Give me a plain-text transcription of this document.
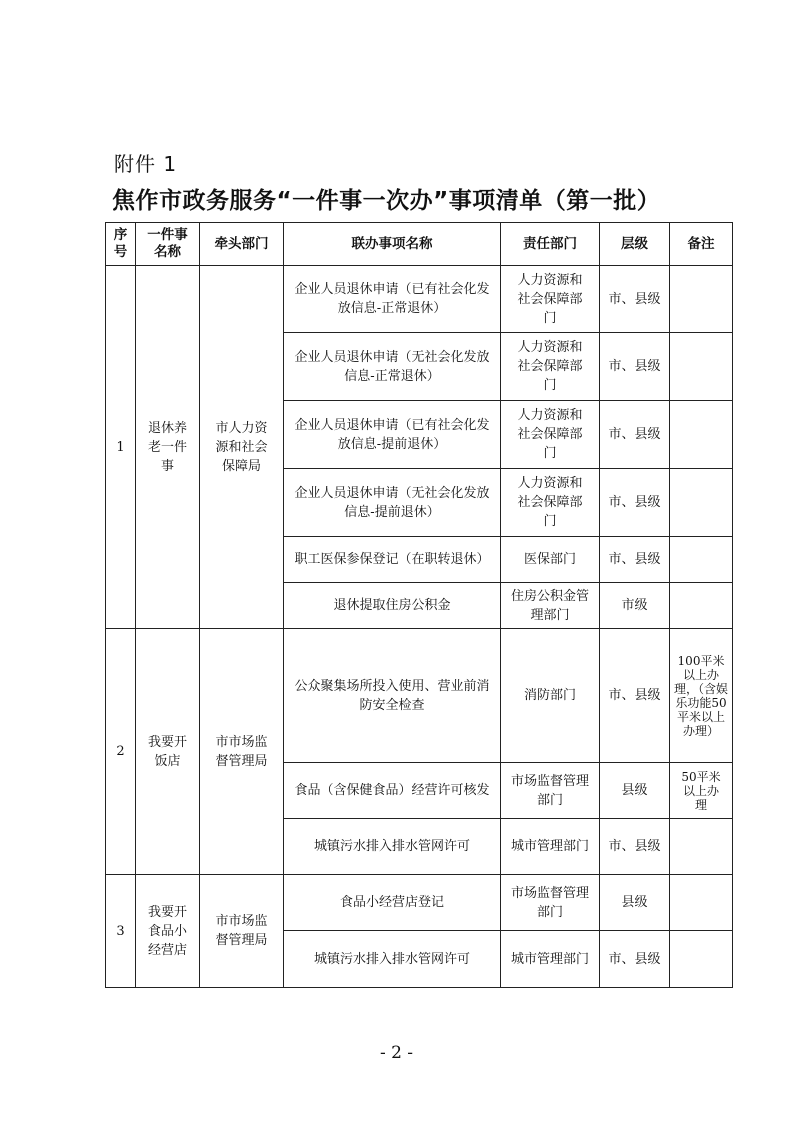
附件 1
焦作市政务服务“一件事一次办”事项清单（第一批）
序号	一件事名称	牵头部门	联办事项名称	责任部门	层级	备注
1	退休养老一件事	市人力资源和社会保障局	企业人员退休申请（已有社会化发放信息-正常退休）	人力资源和社会保障部门	市、县级	
			企业人员退休申请（无社会化发放信息-正常退休）	人力资源和社会保障部门	市、县级	
			企业人员退休申请（已有社会化发放信息-提前退休）	人力资源和社会保障部门	市、县级	
			企业人员退休申请（无社会化发放信息-提前退休）	人力资源和社会保障部门	市、县级	
			职工医保参保登记（在职转退休）	医保部门	市、县级	
			退休提取住房公积金	住房公积金管理部门	市级	
2	我要开饭店	市市场监督管理局	公众聚集场所投入使用、营业前消防安全检查	消防部门	市、县级	100平米以上办理，（含娱乐功能50平米以上办理）
			食品（含保健食品）经营许可核发	市场监督管理部门	县级	50平米以上办理
			城镇污水排入排水管网许可	城市管理部门	市、县级	
3	我要开食品小经营店	市市场监督管理局	食品小经营店登记	市场监督管理部门	县级	
			城镇污水排入排水管网许可	城市管理部门	市、县级	
- 2 -
